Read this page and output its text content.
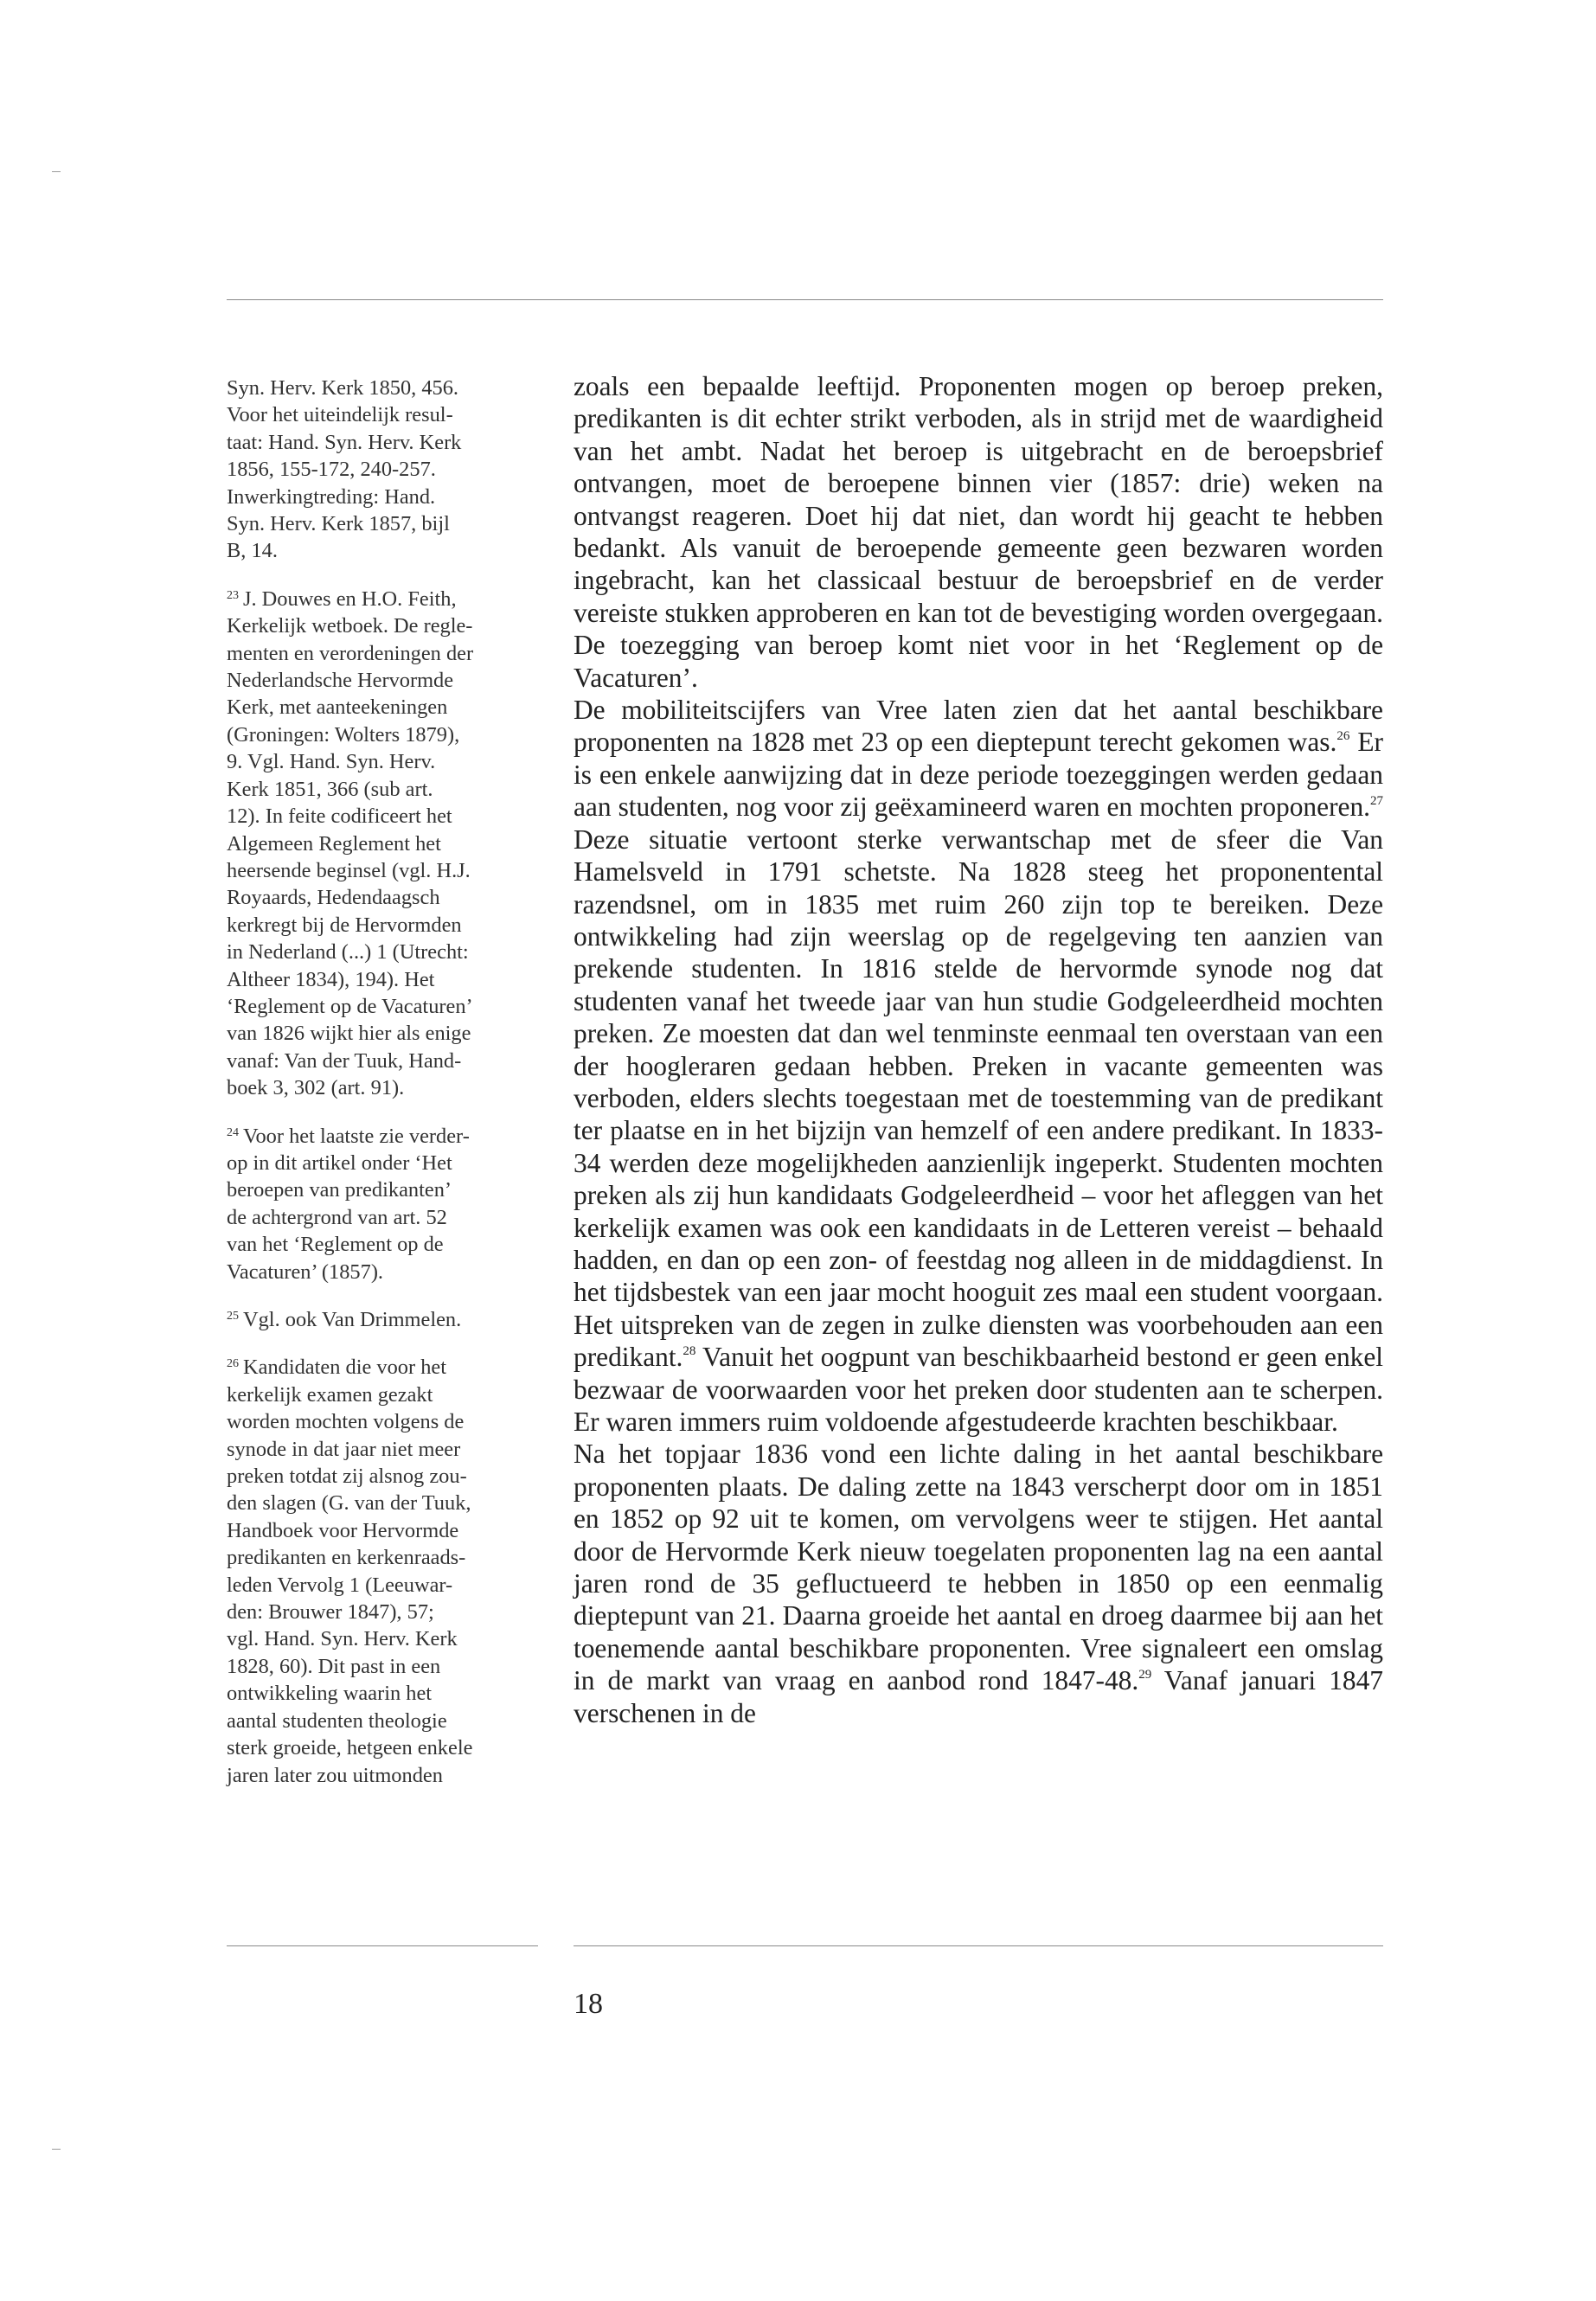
Syn. Herv. Kerk 1850, 456.
Voor het uiteindelijk resul-
taat: Hand. Syn. Herv. Kerk
1856, 155-172, 240-257.
Inwerkingtreding: Hand.
Syn. Herv. Kerk 1857, bijl
B, 14.
$^{23}$ J. Douwes en H.O. Feith,
Kerkelijk wetboek. De regle-
menten en verordeningen der
Nederlandsche Hervormde
Kerk, met aanteekeningen
(Groningen: Wolters 1879),
9. Vgl. Hand. Syn. Herv.
Kerk 1851, 366 (sub art.
12). In feite codificeert het
Algemeen Reglement het
heersende beginsel (vgl. H.J.
Royaards, Hedendaagsch
kerkregt bij de Hervormden
in Nederland (...) 1 (Utrecht:
Altheer 1834), 194). Het
‘Reglement op de Vacaturen’
van 1826 wijkt hier als enige
vanaf: Van der Tuuk, Hand-
boek 3, 302 (art. 91).
$^{24}$ Voor het laatste zie verder-
op in dit artikel onder ‘Het
beroepen van predikanten’
de achtergrond van art. 52
van het ‘Reglement op de
Vacaturen’ (1857).
$^{25}$ Vgl. ook Van Drimmelen.
$^{26}$ Kandidaten die voor het
kerkelijk examen gezakt
worden mochten volgens de
synode in dat jaar niet meer
preken totdat zij alsnog zou-
den slagen (G. van der Tuuk,
Handboek voor Hervormde
predikanten en kerkenraads-
leden Vervolg 1 (Leeuwar-
den: Brouwer 1847), 57;
vgl. Hand. Syn. Herv. Kerk
1828, 60). Dit past in een
ontwikkeling waarin het
aantal studenten theologie
sterk groeide, hetgeen enkele
jaren later zou uitmonden

zoals een bepaalde leeftijd. Proponenten mogen op beroep preken, predikanten is dit echter strikt verboden, als in strijd met de waardigheid van het ambt. Nadat het beroep is uitgebracht en de beroepsbrief ontvangen, moet de beroepene binnen vier (1857: drie) weken na ontvangst reageren. Doet hij dat niet, dan wordt hij geacht te hebben bedankt. Als vanuit de beroepende gemeente geen bezwaren worden ingebracht, kan het classicaal bestuur de beroepsbrief en de verder vereiste stukken approberen en kan tot de bevestiging worden overgegaan. De toezegging van beroep komt niet voor in het ‘Reglement op de Vacaturen’.

De mobiliteitscijfers van Vree laten zien dat het aantal beschikbare proponenten na 1828 met 23 op een dieptepunt terecht gekomen was.$^{26}$ Er is een enkele aanwijzing dat in deze periode toezeggingen werden gedaan aan studenten, nog voor zij geëxamineerd waren en mochten proponeren.$^{27}$ Deze situatie vertoont sterke verwantschap met de sfeer die Van Hamelsveld in 1791 schetste. Na 1828 steeg het proponentental razendsnel, om in 1835 met ruim 260 zijn top te bereiken. Deze ontwikkeling had zijn weerslag op de regelgeving ten aanzien van prekende studenten. In 1816 stelde de hervormde synode nog dat studenten vanaf het tweede jaar van hun studie Godgeleerdheid mochten preken. Ze moesten dat dan wel tenminste eenmaal ten overstaan van een der hoogleraren gedaan hebben. Preken in vacante gemeenten was verboden, elders slechts toegestaan met de toestemming van de predikant ter plaatse en in het bijzijn van hemzelf of een andere predikant. In 1833-34 werden deze mogelijkheden aanzienlijk ingeperkt. Studenten mochten preken als zij hun kandidaats Godgeleerdheid – voor het afleggen van het kerkelijk examen was ook een kandidaats in de Letteren vereist – behaald hadden, en dan op een zon- of feestdag nog alleen in de middagdienst. In het tijdsbestek van een jaar mocht hooguit zes maal een student voorgaan. Het uitspreken van de zegen in zulke diensten was voorbehouden aan een predikant.$^{28}$ Vanuit het oogpunt van beschikbaarheid bestond er geen enkel bezwaar de voorwaarden voor het preken door studenten aan te scherpen. Er waren immers ruim voldoende afgestudeerde krachten beschikbaar.

Na het topjaar 1836 vond een lichte daling in het aantal beschikbare proponenten plaats. De daling zette na 1843 verscherpt door om in 1851 en 1852 op 92 uit te komen, om vervolgens weer te stijgen. Het aantal door de Hervormde Kerk nieuw toegelaten proponenten lag na een aantal jaren rond de 35 gefluctueerd te hebben in 1850 op een eenmalig dieptepunt van 21. Daarna groeide het aantal en droeg daarmee bij aan het toenemende aantal beschikbare proponenten. Vree signaleert een omslag in de markt van vraag en aanbod rond 1847-48.29 Vanaf januari 1847 verschenen in de

18
